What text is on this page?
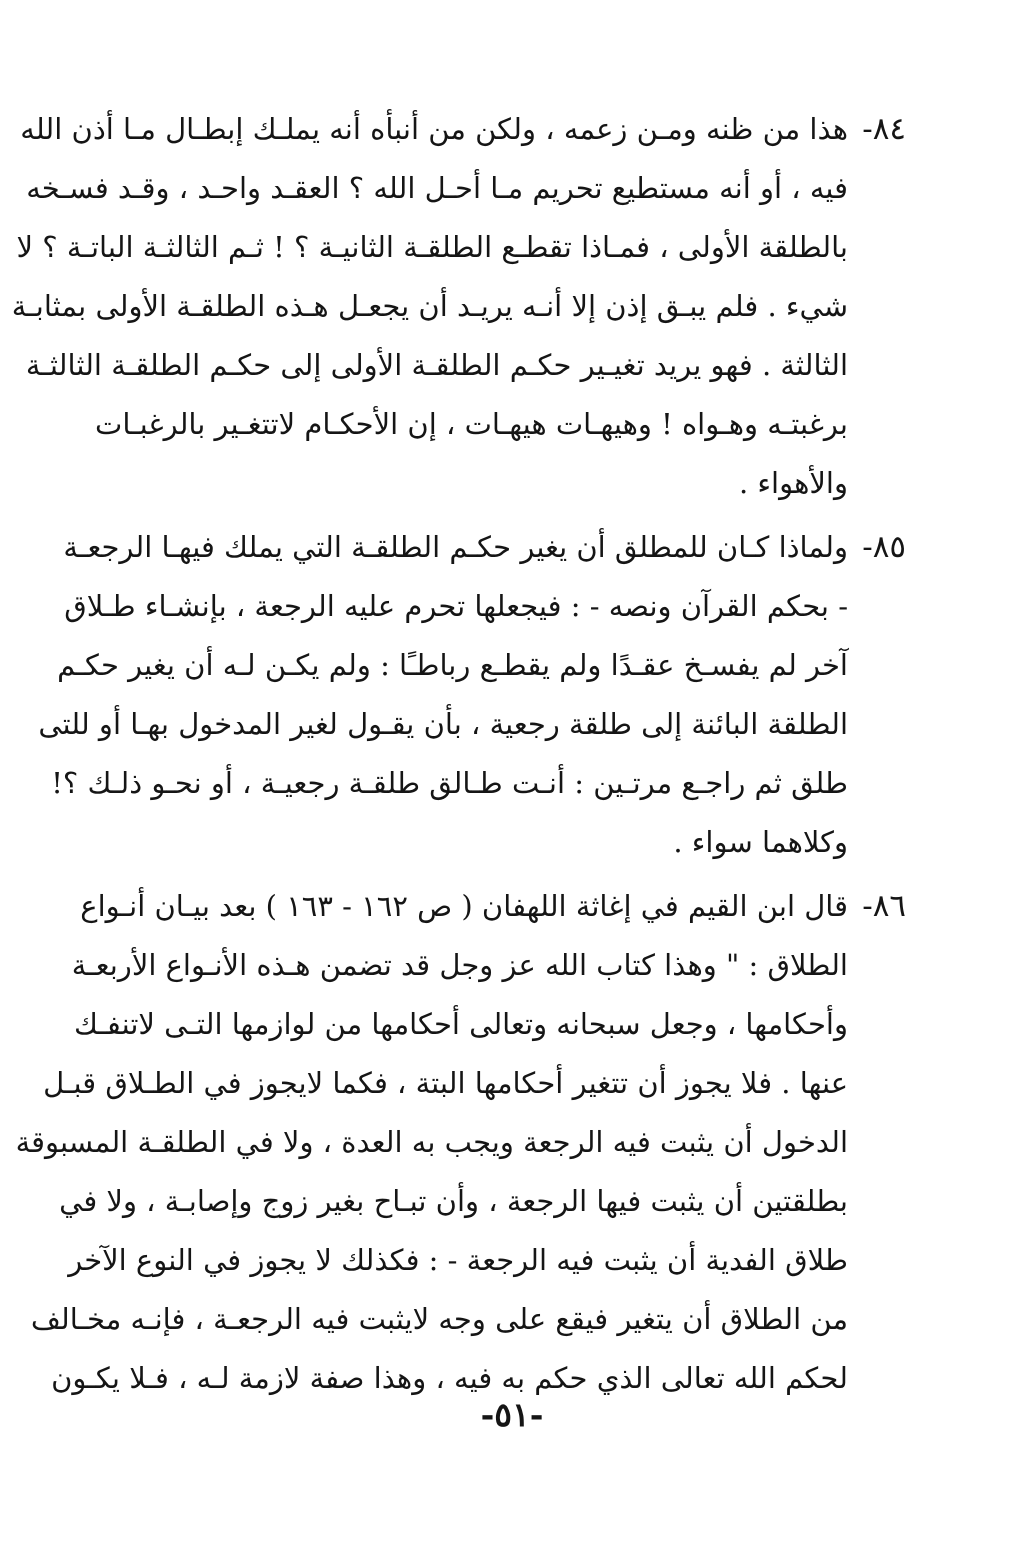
٨٤-
هذا من ظنه ومـن زعمه ، ولكن من أنبأه أنه يملـك إبطـال مـا أذن الله
فيه ، أو أنه مستطيع تحريم مـا أحـل الله ؟ العقـد واحـد ، وقـد فسـخه
بالطلقة الأولى ، فمـاذا تقطـع الطلقـة الثانيـة ؟ ! ثـم الثالثـة الباتـة ؟ لا
شيء . فلم يبـق إذن إلا أنـه يريـد أن يجعـل هـذه الطلقـة الأولى بمثابـة
الثالثة . فهو يريد تغيـير حكـم الطلقـة الأولى إلى حكـم الطلقـة الثالثـة
برغبتـه وهـواه ! وهيهـات هيهـات ، إن الأحكـام لاتتغـير بالرغبـات
والأهواء .
٨٥-
ولماذا كـان للمطلق أن يغير حكـم الطلقـة التي يملك فيهـا الرجعـة
- بحكم القرآن ونصه - : فيجعلها تحرم عليه الرجعة ، بإنشـاء طـلاق
آخر لم يفسـخ عقـدًا ولم يقطـع رباطـًا : ولم يكـن لـه أن يغير حكـم
الطلقة البائنة إلى طلقة رجعية ، بأن يقـول لغير المدخول بهـا أو للتى
طلق ثم راجـع مرتـين : أنـت طـالق طلقـة رجعيـة ، أو نحـو ذلـك ؟!
وكلاهما سواء .
٨٦-
قال ابن القيم في إغاثة اللهفان ( ص ١٦٢ - ١٦٣ ) بعد بيـان أنـواع
الطلاق : " وهذا كتاب الله عز وجل قد تضمن هـذه الأنـواع الأربعـة
وأحكامها ، وجعل سبحانه وتعالى أحكامها من لوازمها التـى لاتنفـك
عنها . فلا يجوز أن تتغير أحكامها البتة ، فكما لايجوز في الطـلاق قبـل
الدخول أن يثبت فيه الرجعة ويجب به العدة ، ولا في الطلقـة المسبوقة
بطلقتين أن يثبت فيها الرجعة ، وأن تبـاح بغير زوج وإصابـة ، ولا في
طلاق الفدية أن يثبت فيه الرجعة - : فكذلك لا يجوز في النوع الآخر
من الطلاق أن يتغير فيقع على وجه لايثبت فيه الرجعـة ، فإنـه مخـالف
لحكم الله تعالى الذي حكم به فيه ، وهذا صفة لازمة لـه ، فـلا يكـون
-٥١-
